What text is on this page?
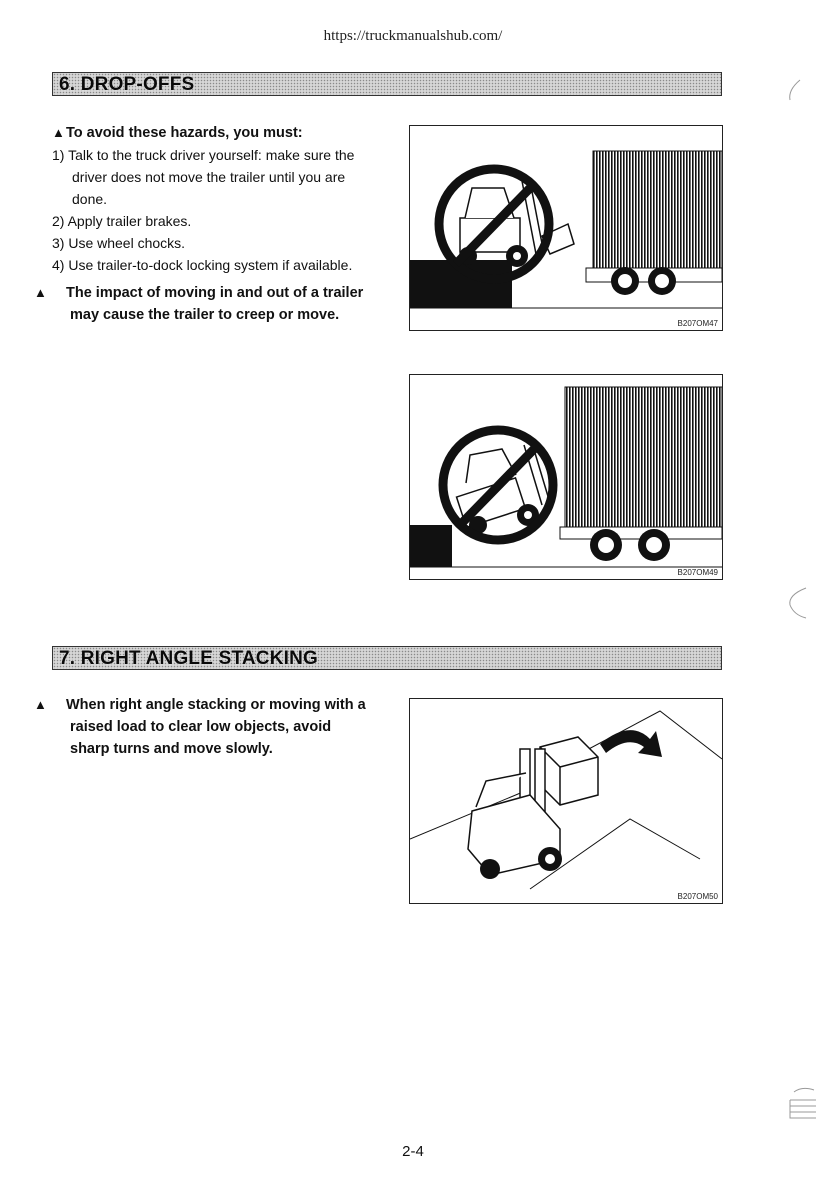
https://truckmanualshub.com/
6. DROP-OFFS
▲To avoid these hazards, you must:
1) Talk to the truck driver yourself: make sure the driver does not move the trailer until you are done.
2) Apply trailer brakes.
3) Use wheel chocks.
4) Use trailer-to-dock locking system if available.
▲ The impact of moving in and out of a trailer may cause the trailer to creep or move.
B207OM47
B207OM49
7. RIGHT ANGLE STACKING
▲ When right angle stacking or moving with a raised load to clear low objects, avoid sharp turns and move slowly.
B207OM50
2-4
